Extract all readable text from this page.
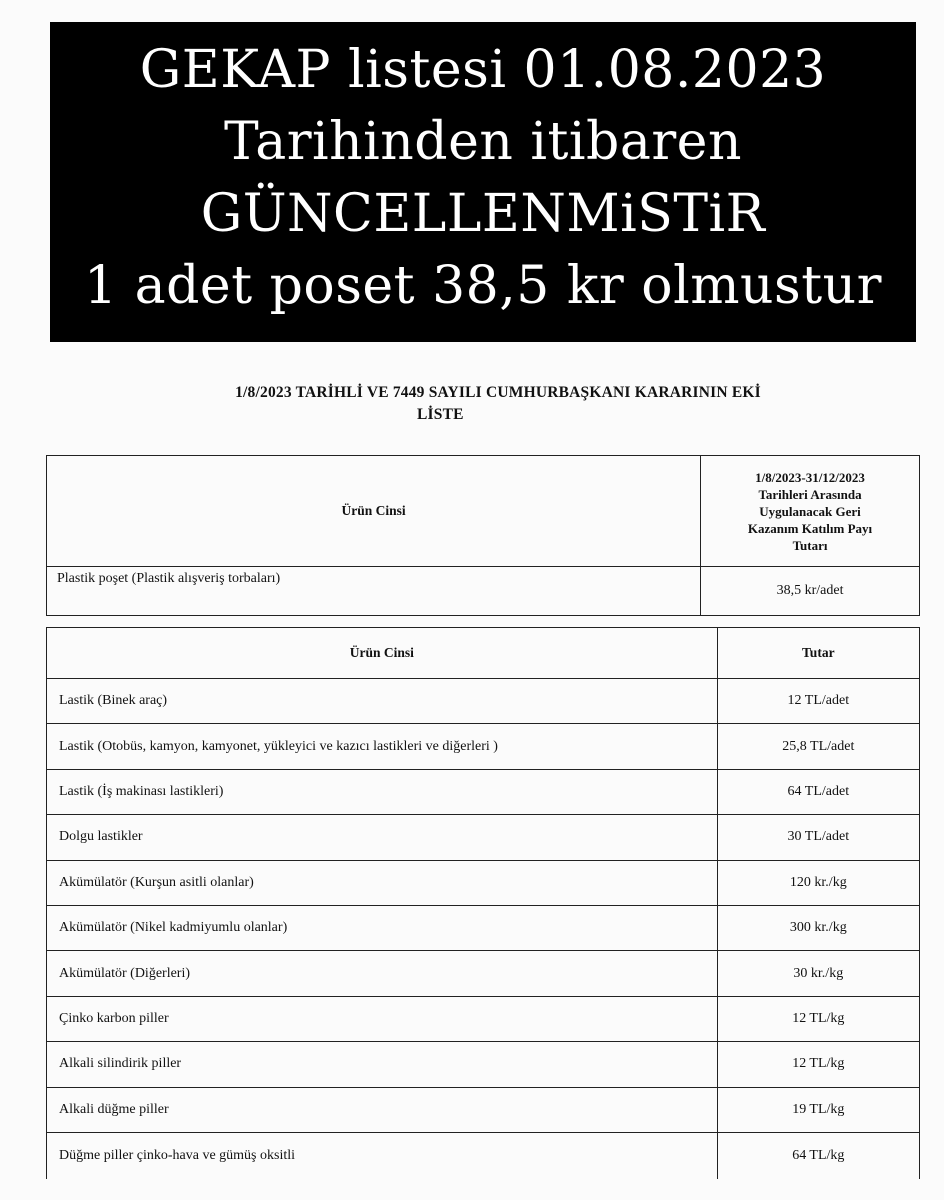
GEKAP listesi 01.08.2023
Tarihinden itibaren
GÜNCELLENMiSTiR
1 adet poset 38,5 kr olmustur
1/8/2023 TARİHLİ VE 7449 SAYILI CUMHURBAŞKANI KARARININ EKİ
LİSTE
Ürün Cinsi	1/8/2023-31/12/2023
Tarihleri Arasında
Uygulanacak Geri
Kazanım Katılım Payı
Tutarı

Plastik poşet (Plastik alışveriş torbaları)	38,5 kr/adet
Ürün Cinsi	Tutar
Lastik (Binek araç)	12 TL/adet
Lastik (Otobüs, kamyon, kamyonet, yükleyici ve kazıcı lastikleri ve diğerleri )	25,8 TL/adet
Lastik (İş makinası lastikleri)	64 TL/adet
Dolgu lastikler	30 TL/adet
Akümülatör (Kurşun asitli olanlar)	120 kr./kg
Akümülatör (Nikel kadmiyumlu olanlar)	300 kr./kg
Akümülatör (Diğerleri)	30 kr./kg
Çinko karbon piller	12 TL/kg
Alkali silindirik piller	12 TL/kg
Alkali düğme piller	19 TL/kg
Düğme piller çinko-hava ve gümüş oksitli	64 TL/kg
